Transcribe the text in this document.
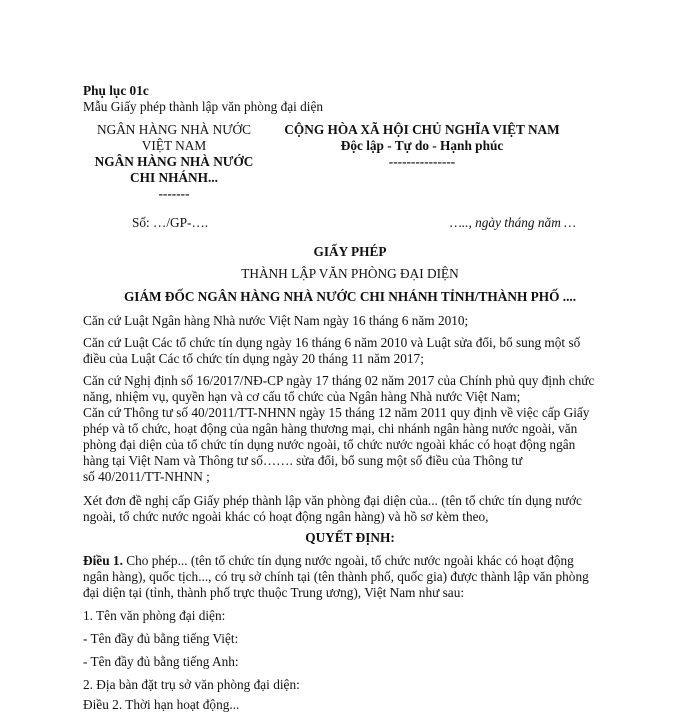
Phụ lục 01c

Mẫu Giấy phép thành lập văn phòng đại diện

NGÂN HÀNG NHÀ NƯỚC

VIỆT NAM

NGÂN HÀNG NHÀ NƯỚC

CHI NHÁNH...

-------

CỘNG HÒA XÃ HỘI CHỦ NGHĨA VIỆT NAM

Độc lập - Tự do - Hạnh phúc

---------------

Số: …/GP-….	….., ngày tháng năm …

GIẤY PHÉP

THÀNH LẬP VĂN PHÒNG ĐẠI DIỆN

GIÁM ĐỐC NGÂN HÀNG NHÀ NƯỚC CHI NHÁNH TỈNH/THÀNH PHỐ ....

Căn cứ Luật Ngân hàng Nhà nước Việt Nam ngày 16 tháng 6 năm 2010;

Căn cứ Luật Các tổ chức tín dụng ngày 16 tháng 6 năm 2010 và Luật sửa đổi, bổ sung một số

điều của Luật Các tổ chức tín dụng ngày 20 tháng 11 năm 2017;

Căn cứ Nghị định số 16/2017/NĐ-CP ngày 17 tháng 02 năm 2017 của Chính phủ quy định chức

năng, nhiệm vụ, quyền hạn và cơ cấu tổ chức của Ngân hàng Nhà nước Việt Nam;

Căn cứ Thông tư số 40/2011/TT-NHNN ngày 15 tháng 12 năm 2011 quy định về việc cấp Giấy

phép và tổ chức, hoạt động của ngân hàng thương mại, chi nhánh ngân hàng nước ngoài, văn

phòng đại diện của tổ chức tín dụng nước ngoài, tổ chức nước ngoài khác có hoạt động ngân

hàng tại Việt Nam và Thông tư số……. sửa đổi, bổ sung một số điều của Thông tư

số 40/2011/TT-NHNN ;

Xét đơn đề nghị cấp Giấy phép thành lập văn phòng đại diện của... (tên tổ chức tín dụng nước

ngoài, tổ chức nước ngoài khác có hoạt động ngân hàng) và hồ sơ kèm theo,

QUYẾT ĐỊNH:

Điều 1. Cho phép... (tên tổ chức tín dụng nước ngoài, tổ chức nước ngoài khác có hoạt động

ngân hàng), quốc tịch..., có trụ sở chính tại (tên thành phố, quốc gia) được thành lập văn phòng

đại diện tại (tỉnh, thành phố trực thuộc Trung ương), Việt Nam như sau:

1. Tên văn phòng đại diện:

- Tên đầy đủ bằng tiếng Việt:

- Tên đầy đủ bằng tiếng Anh:

2. Địa bàn đặt trụ sở văn phòng đại diện:

Điều 2. Thời hạn hoạt động...
